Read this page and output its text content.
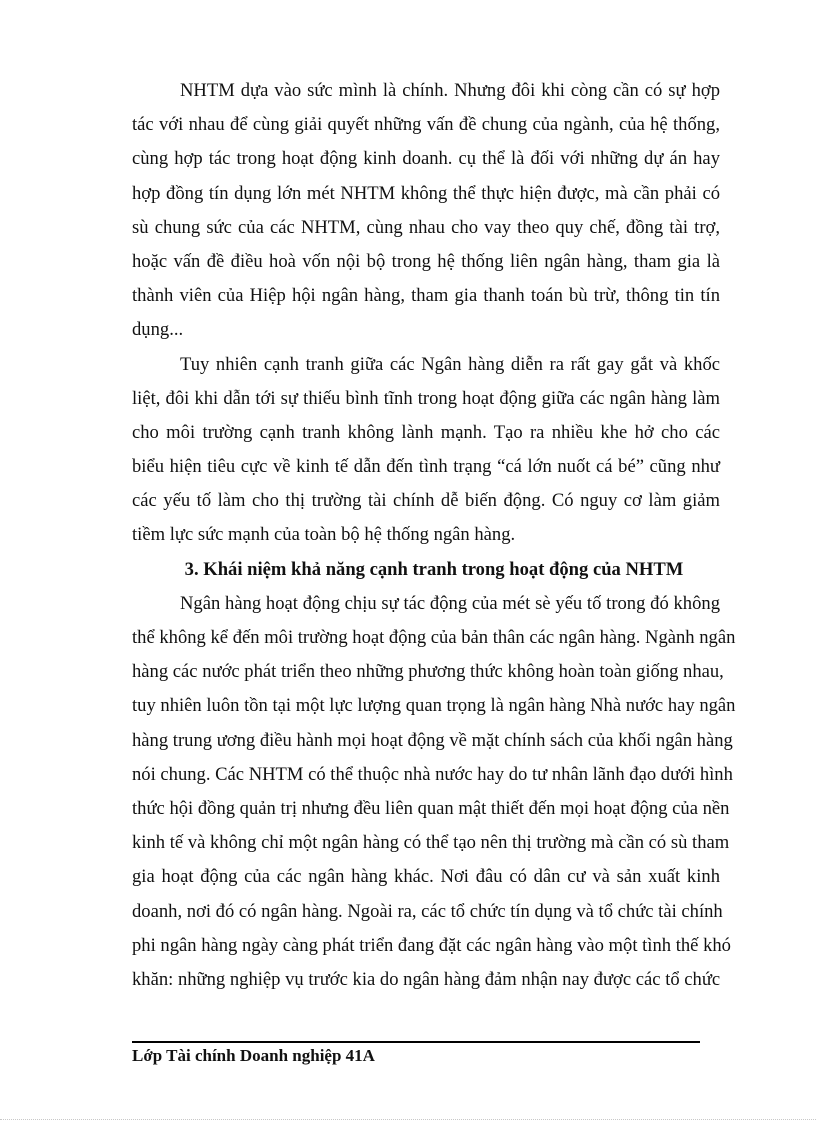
NHTM dựa vào sức mình là chính. Nhưng đôi khi còng cần có sự hợp
tác với nhau để cùng giải quyết những vấn đề chung của ngành, của hệ thống,
cùng hợp tác trong hoạt động kinh doanh. cụ thể là đối với những dự án hay
hợp đồng tín dụng lớn mét NHTM không thể thực hiện được, mà cần phải có
sù chung sức của các NHTM, cùng nhau cho vay theo quy chế, đồng tài trợ,
hoặc vấn đề điều hoà vốn nội bộ trong hệ thống liên ngân hàng, tham gia là
thành viên của Hiệp hội ngân hàng, tham gia thanh toán bù trừ, thông tin tín
dụng...
Tuy nhiên cạnh tranh giữa các Ngân hàng diễn ra rất gay gắt và khốc
liệt, đôi khi dẫn tới sự thiếu bình tĩnh trong hoạt động giữa các ngân hàng làm
cho môi trường cạnh tranh không lành mạnh. Tạo ra nhiều khe hở cho các
biểu hiện tiêu cực về kinh tế dẫn đến tình trạng “cá lớn nuốt cá bé” cũng như
các yếu tố làm cho thị trường tài chính dễ biến động. Có nguy cơ làm giảm
tiềm lực sức mạnh của toàn bộ hệ thống ngân hàng.
3. Khái niệm khả năng cạnh tranh trong hoạt động của NHTM
Ngân hàng hoạt động chịu sự tác động của mét sè yếu tố trong đó không
thể không kể đến môi trường hoạt động của bản thân các ngân hàng. Ngành ngân
hàng các nước phát triển theo những phương thức không hoàn toàn giống nhau,
tuy nhiên luôn tồn tại một lực lượng quan trọng là ngân hàng Nhà nước hay ngân
hàng trung ương điều hành mọi hoạt động về mặt chính sách của khối ngân hàng
nói chung. Các NHTM có thể thuộc nhà nước hay do tư nhân lãnh đạo dưới hình
thức hội đồng quản trị nhưng đều liên quan mật thiết đến mọi hoạt động của nền
kinh tế và không chỉ một ngân hàng có thể tạo nên thị trường mà cần có sù tham
gia hoạt động của các ngân hàng khác. Nơi đâu có dân cư và sản xuất kinh
doanh, nơi đó có ngân hàng. Ngoài ra, các tổ chức tín dụng và tổ chức tài chính
phi ngân hàng ngày càng phát triển đang đặt các ngân hàng vào một tình thế khó
khăn: những nghiệp vụ trước kia do ngân hàng đảm nhận nay được các tổ chức
Lớp Tài chính Doanh nghiệp 41A
